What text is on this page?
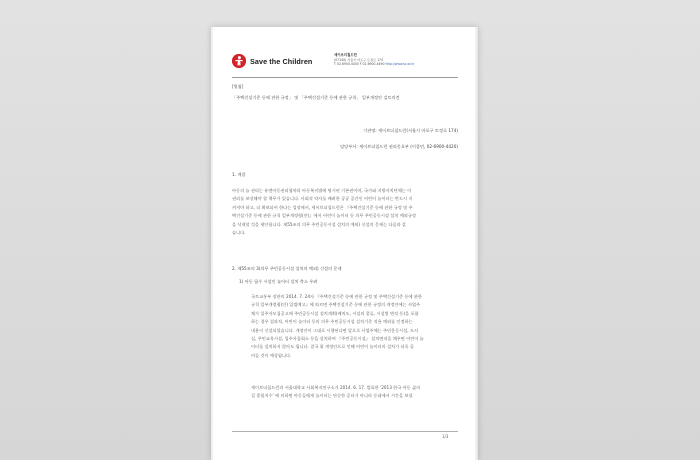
Save the Children
세이브더칠드런
(07140) 서울시 마포구 토정로 174
T 02-6900-4400 F 02-6900-4490 http://www.sc.or.kr
[별첨]
「주택건설기준 등에 관한 규정」 및 「주택건설기준 등에 관한 규칙」 일부개정안 검토의견
기관명: 세이브더칠드런(서울시 마포구 토정로 174)
담당부서: 세이브더칠드런 권리옹호부 (이종민, 02-6900-4420)
1. 개괄
아동의 놀 권리는 유엔아동권리협약과 아동복지법에 명시된 기본권이며, 국가와 지방자치단체는 이
권리를 보장해야 할 책무가 있습니다. 사회적 약자를 배려한 공공 공간인 어린이 놀이터는 반드시 지
켜져야 하고, 더 확보되어 한다는 입장에서, 세이브더칠드런은 『주택건설기준 등에 관한 규정 및 주
택건설기준 등에 관한 규칙 일부개정령(안)』에서 어린이 놀이터 등 의무 주민공동시설 설치 예외규정
을 삭제할 것을 제안합니다. 제55조의 의무 주민공동시설 설치의 예외) 신설의 문제는 다음과 같
습니다.
2. 제55조의 3(의무 주민공동시설 설치의 예외) 신설의 문제
1) 아동 필수 시설인 놀이터 설치 축소 우려
국토교통부 장관의 2014. 7. 24자 『주택건설기준 등에 관한 규정 및 주택건설기준 등에 관한
규칙 일부개정령(안) 입법예고』에 따르면 주택건설기준 등에 관한 규정의 개정안에는 사업주
체가 입주자모집공고에 주민공동시설 설치계획(배치도, 시설의 종류, 시설별 면적 등)을 포함
하는 경우 결과적, 어린이 놀이터 등의 의무 주민공동시설 설치기준 적용 예외를 인정하는
내용이 신설되었습니다. 개정안이 그대로 시행된다면 앞으로 사업주체는 주민운동시설, 도서
실, 주민교육시설, 입주자집회소 등을 설치하여 『주민공동시설』 설치면적을 채우면 어린이 놀
이터를 설치하지 않아도 됩니다. 결국 위 개정안으로 인해 어린이 놀이터의 설치가 더욱 줄
어들 것이 예상됩니다.
세이브더칠드런과 서울대학교 사회복지연구소가 2014. 6. 17. 발표한 '2013 한국 아동 삶의
질 종합지수' 에 의하면 아동들에게 놀이터는 단순한 공터가 아니라 동네에서 시간을 보낼
1/3
